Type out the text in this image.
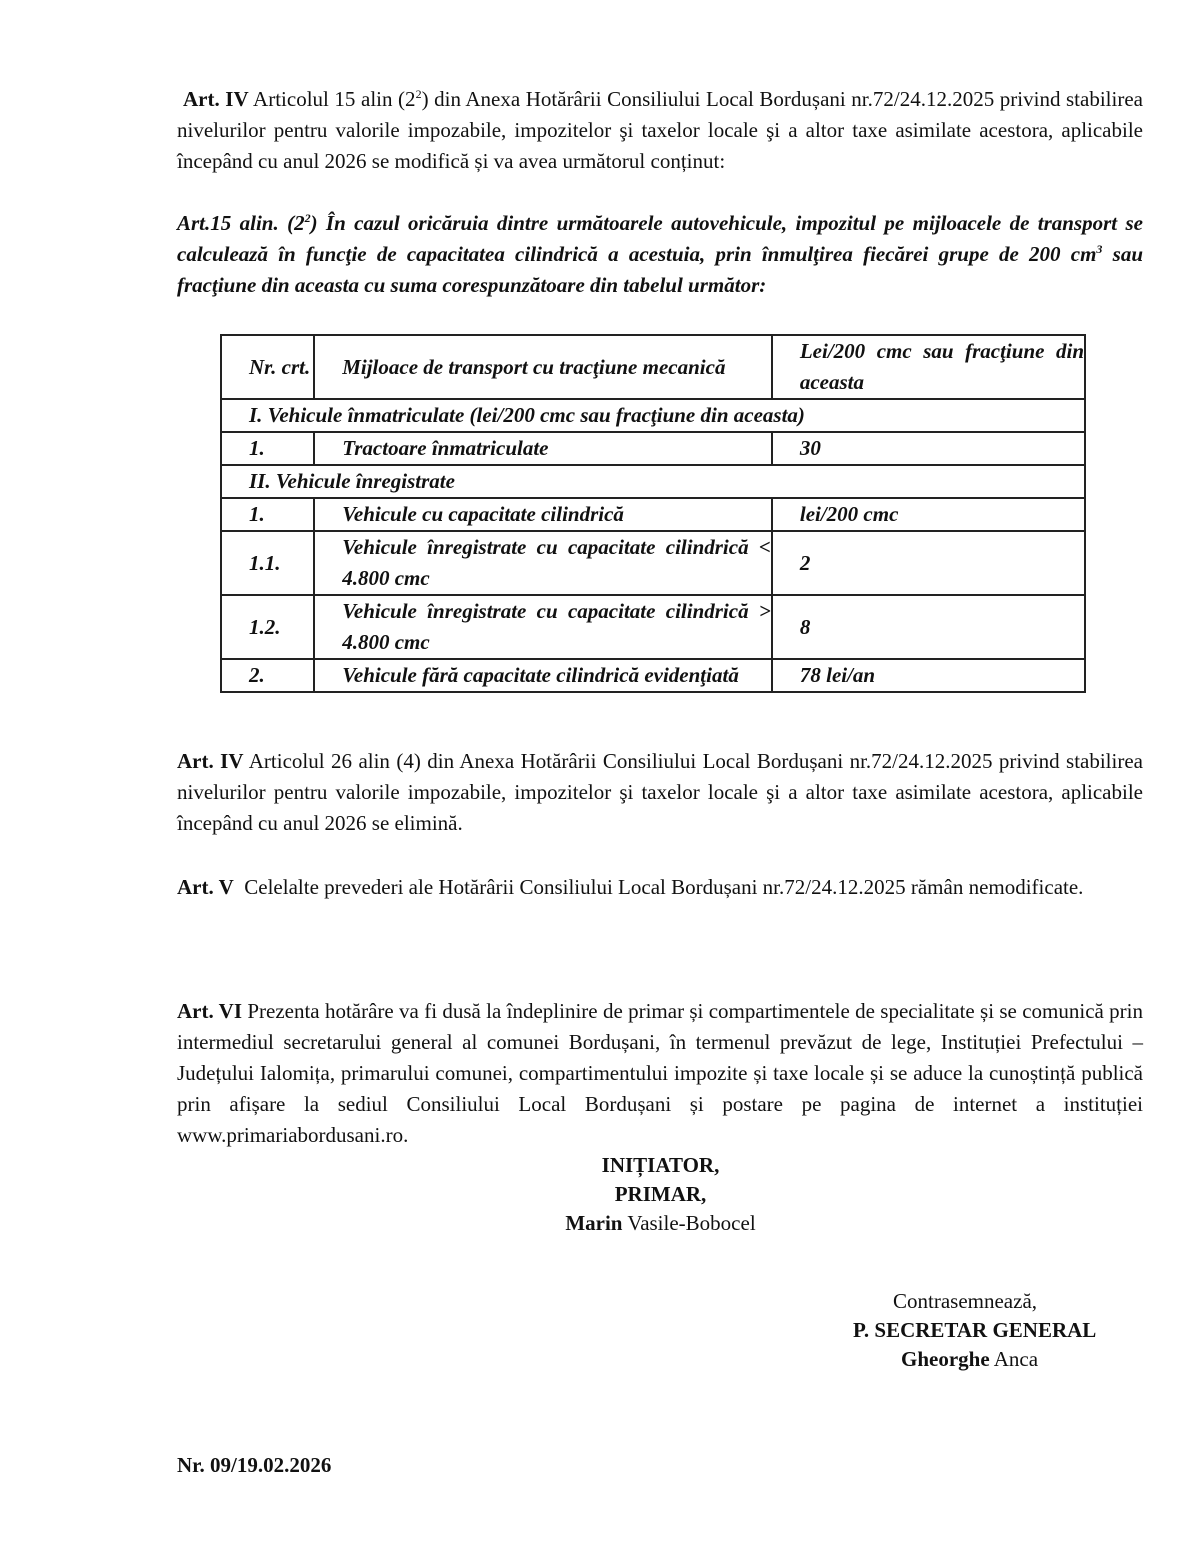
Art. IV Articolul 15 alin $(2^2)$ din Anexa Hotărârii Consiliului Local Bordușani nr.72/24.12.2025 privind stabilirea nivelurilor pentru valorile impozabile, impozitelor şi taxelor locale şi a altor taxe asimilate acestora, aplicabile începând cu anul 2026 se modifică și va avea următorul conținut:

Art.15 alin. $(2^2)$ În cazul oricăruia dintre următoarele autovehicule, impozitul pe mijloacele de transport se calculează în funcţie de capacitatea cilindrică a acestuia, prin înmulţirea fiecărei grupe de 200 $cm^3$ sau fracţiune din aceasta cu suma corespunzătoare din tabelul următor:

Nr. crt.	Mijloace de transport cu tracţiune mecanică	Lei/200 cmc sau fracţiune din aceasta
I. Vehicule înmatriculate (lei/200 cmc sau fracţiune din aceasta)		
1.	Tractoare înmatriculate	30
II. Vehicule înregistrate		
1.	Vehicule cu capacitate cilindrică	lei/200 cmc
1.1.	Vehicule înregistrate cu capacitate cilindrică < 4.800 cmc	2
1.2.	Vehicule înregistrate cu capacitate cilindrică > 4.800 cmc	8
2.	Vehicule fără capacitate cilindrică evidenţiată	78 lei/an

Art. IV Articolul 26 alin (4) din Anexa Hotărârii Consiliului Local Bordușani nr.72/24.12.2025 privind stabilirea nivelurilor pentru valorile impozabile, impozitelor şi taxelor locale şi a altor taxe asimilate acestora, aplicabile începând cu anul 2026 se elimină.

Art. V  Celelalte prevederi ale Hotărârii Consiliului Local Bordușani nr.72/24.12.2025 rămân nemodificate.

Art. VI Prezenta hotărâre va fi dusă la îndeplinire de primar și compartimentele de specialitate și se comunică prin intermediul secretarului general al comunei Bordușani, în termenul prevăzut de lege, Instituției Prefectului – Județului Ialomița, primarului comunei, compartimentului impozite și taxe locale și se aduce la cunoștință publică prin afișare la sediul Consiliului Local Bordușani și postare pe pagina de internet a instituției www.primariabordusani.ro.

INIȚIATOR,
PRIMAR,
Marin Vasile-Bobocel
Contrasemnează,
P. SECRETAR GENERAL
Gheorghe Anca
Nr. 09/19.02.2026
